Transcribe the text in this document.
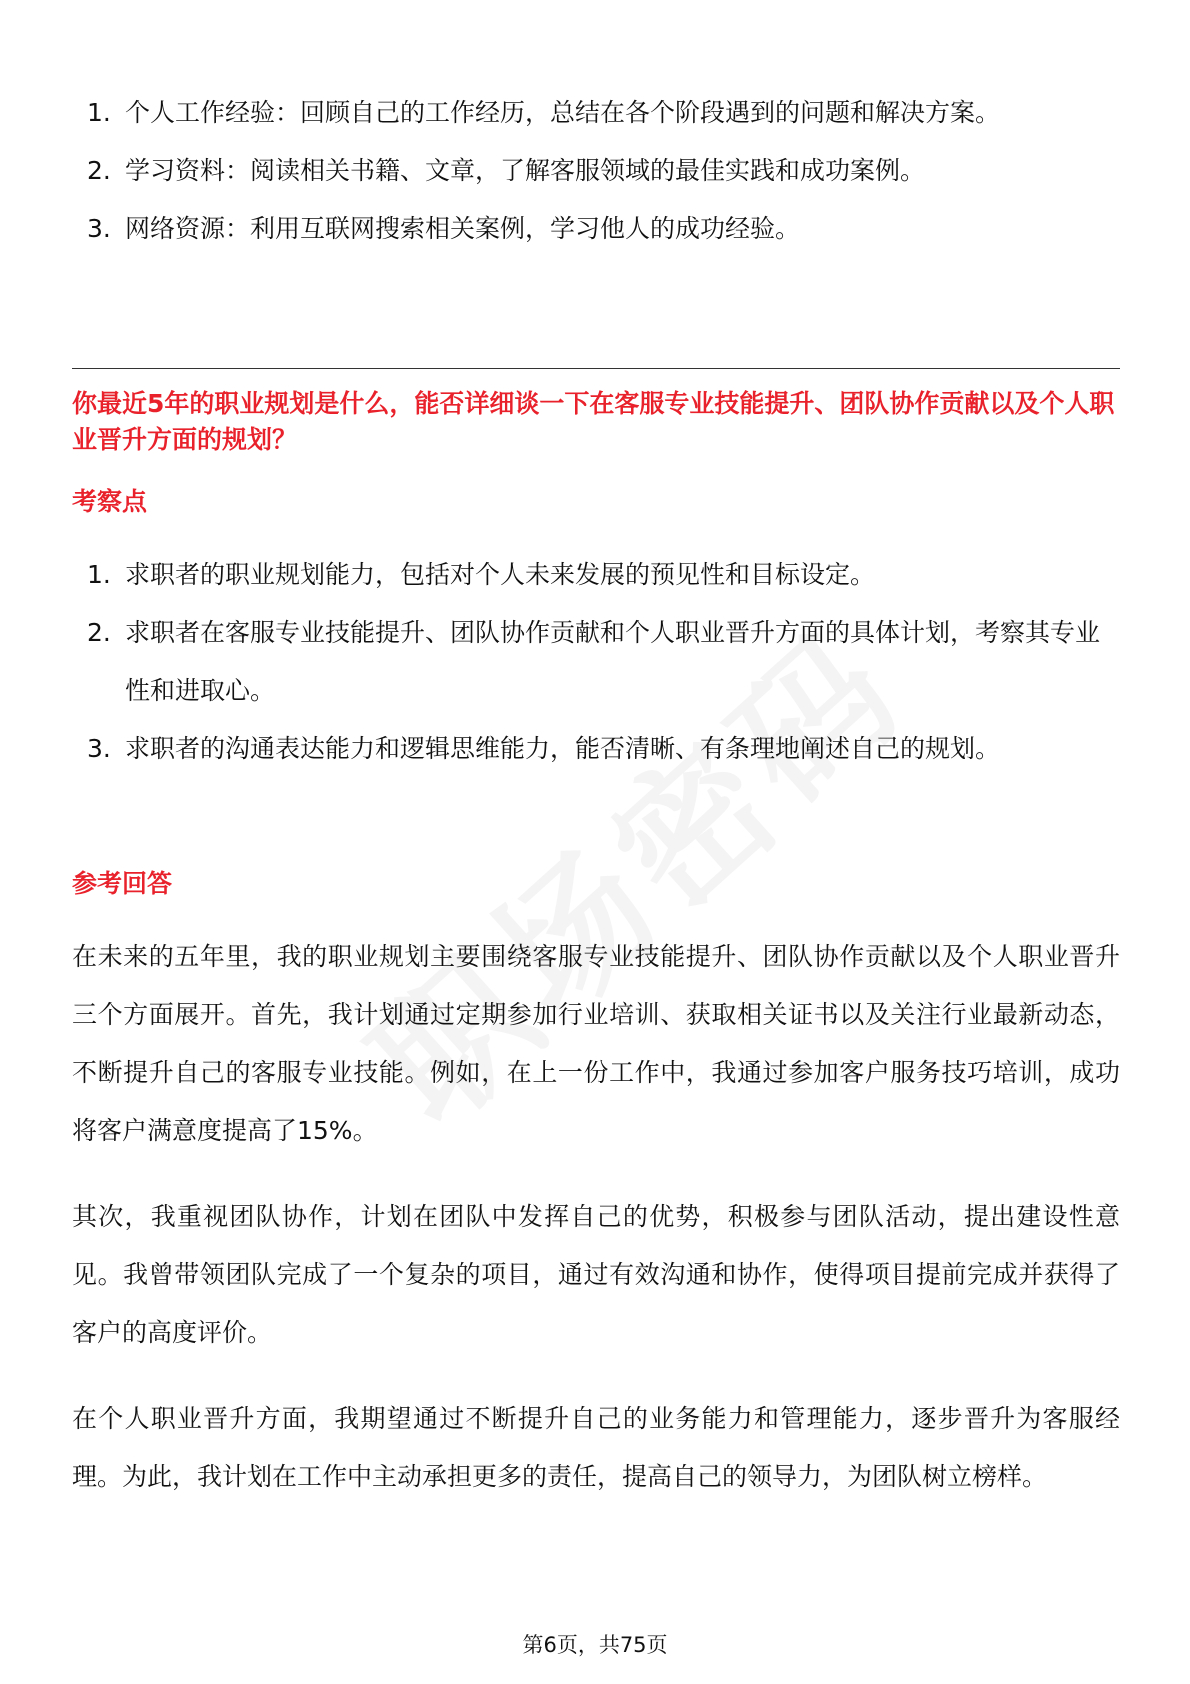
1. 个人工作经验：回顾自己的工作经历，总结在各个阶段遇到的问题和解决方案。
2. 学习资料：阅读相关书籍、文章，了解客服领域的最佳实践和成功案例。
3. 网络资源：利用互联网搜索相关案例，学习他人的成功经验。
你最近5年的职业规划是什么，能否详细谈一下在客服专业技能提升、团队协作贡献以及个人职业晋升方面的规划？
考察点
1. 求职者的职业规划能力，包括对个人未来发展的预见性和目标设定。
2. 求职者在客服专业技能提升、团队协作贡献和个人职业晋升方面的具体计划，考察其专业性和进取心。
3. 求职者的沟通表达能力和逻辑思维能力，能否清晰、有条理地阐述自己的规划。
参考回答

在未来的五年里，我的职业规划主要围绕客服专业技能提升、团队协作贡献以及个人职业晋升三个方面展开。首先，我计划通过定期参加行业培训、获取相关证书以及关注行业最新动态，不断提升自己的客服专业技能。例如，在上一份工作中，我通过参加客户服务技巧培训，成功将客户满意度提高了15%。

其次，我重视团队协作，计划在团队中发挥自己的优势，积极参与团队活动，提出建设性意见。我曾带领团队完成了一个复杂的项目，通过有效沟通和协作，使得项目提前完成并获得了客户的高度评价。

在个人职业晋升方面，我期望通过不断提升自己的业务能力和管理能力，逐步晋升为客服经理。为此，我计划在工作中主动承担更多的责任，提高自己的领导力，为团队树立榜样。

第6页，共75页
